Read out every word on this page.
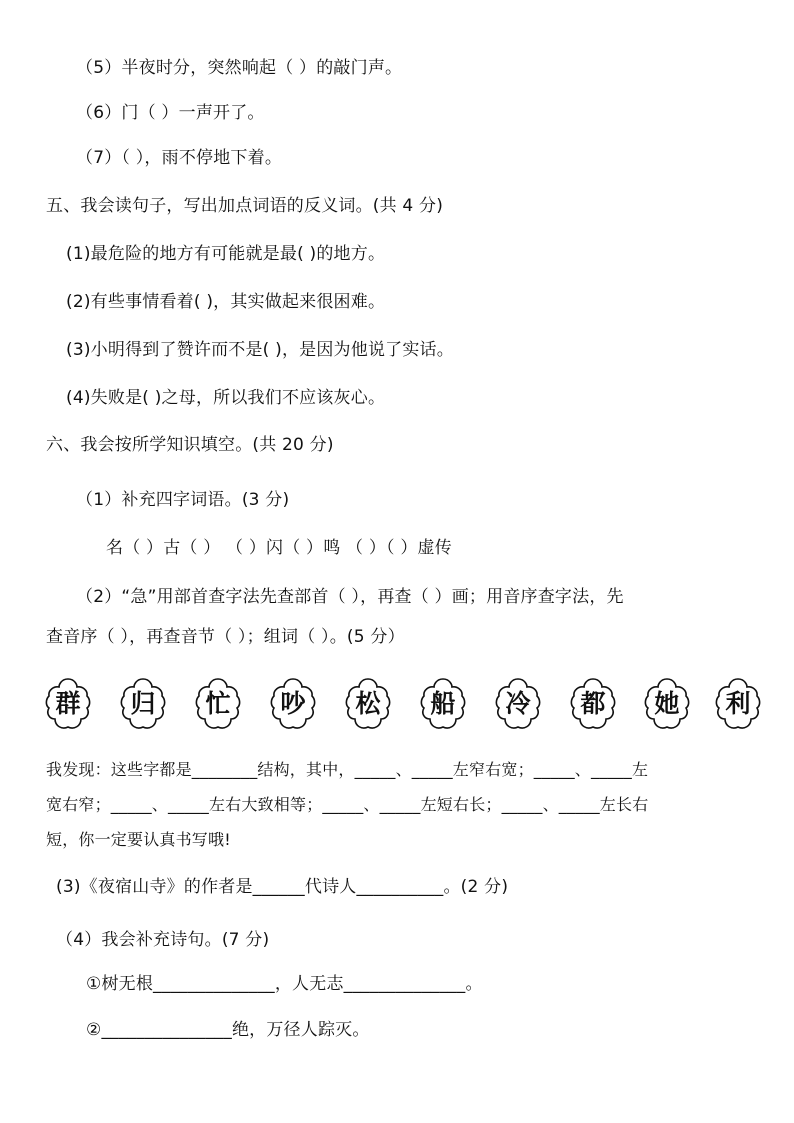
（5）半夜时分，突然响起（ ）的敲门声。
（6）门（ ）一声开了。
（7）（ ），雨不停地下着。
五、我会读句子，写出加点词语的反义词。(共 4 分)
(1)最危险的地方有可能就是最( )的地方。
(2)有些事情看着( )，其实做起来很困难。
(3)小明得到了赞许而不是( )，是因为他说了实话。
(4)失败是( )之母，所以我们不应该灰心。
六、我会按所学知识填空。(共 20 分)
（1）补充四字词语。(3 分)
名（ ）古（ ） （ ）闪（ ）鸣 （ ）（ ）虚传
（2）“急”用部首查字法先查部首（ ），再查（ ）画；用音序查字法，先
查音序（ ），再查音节（ ）；组词（ ）。(5 分）
群	归	忙	吵	松	船	冷	都	她	利
我发现：这些字都是________结构，其中，_____、_____左窄右宽；_____、_____左
宽右窄；_____、_____左右大致相等；_____、_____左短右长；_____、_____左长右
短，你一定要认真书写哦!
(3)《夜宿山寺》的作者是______代诗人__________。(2 分)
（4）我会补充诗句。(7 分)
①树无根______________，人无志______________。
②_______________绝，万径人踪灭。
